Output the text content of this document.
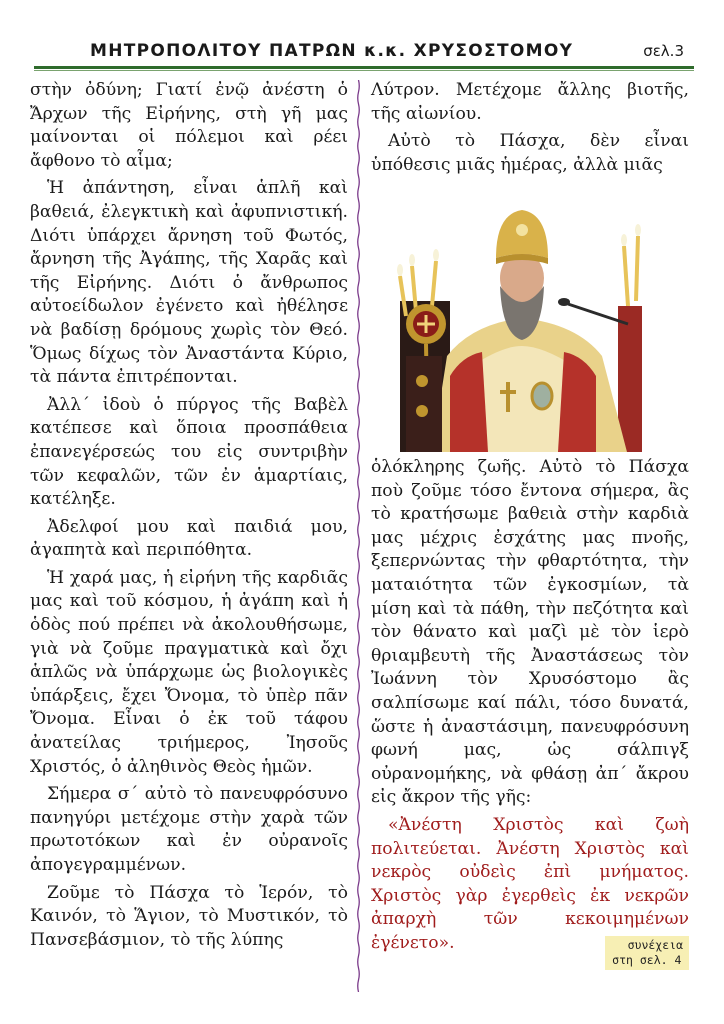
ΜΗΤΡΟΠΟΛΙΤΟΥ ΠΑΤΡΩΝ κ.κ. ΧΡΥΣΟΣΤΟΜΟΥ	σελ.3

στὴν ὀδύνη; Γιατί ἐνῷ ἀνέστη ὁ Ἄρχων τῆς Εἰρήνης, στὴ γῆ μας μαίνονται οἱ πόλεμοι καὶ ρέει ἄφθονο τὸ αἷμα;

Ἡ ἀπάντηση, εἶναι ἁπλῆ καὶ βαθειά, ἐλεγκτικὴ καὶ ἀφυπνιστική. Διότι ὑπάρχει ἄρνηση τοῦ Φωτός, ἄρνηση τῆς Ἀγάπης, τῆς Χαρᾶς καὶ τῆς Εἰρήνης. Διότι ὁ ἄνθρωπος αὐτοείδωλον ἐγένετο καὶ ἠθέλησε νὰ βαδίσῃ δρόμους χωρὶς τὸν Θεό. Ὅμως δίχως τὸν Ἀναστάντα Κύριο, τὰ πάντα ἐπιτρέπονται.

Ἀλλ΄ ἰδοὺ ὁ πύργος τῆς Βαβὲλ κατέπεσε καὶ ὅποια προσπάθεια ἐπανεγέρσεώς του εἰς συντριβὴν τῶν κεφαλῶν, τῶν ἐν ἁμαρτίαις, κατέληξε.

Ἀδελφοί μου καὶ παιδιά μου, ἀγαπητὰ καὶ περιπόθητα.

Ἡ χαρά μας, ἡ εἰρήνη τῆς καρδιᾶς μας καὶ τοῦ κόσμου, ἡ ἀγάπη καὶ ἡ ὁδὸς πού πρέπει νὰ ἀκολουθήσωμε, γιὰ νὰ ζοῦμε πραγματικὰ καὶ ὄχι ἁπλῶς νὰ ὑπάρχωμε ὡς βιολογικὲς ὑπάρξεις, ἔχει Ὄνομα, τὸ ὑπὲρ πᾶν Ὄνομα. Εἶναι ὁ ἐκ τοῦ τάφου ἀνατείλας τριήμερος, Ἰησοῦς Χριστός, ὁ ἀληθινὸς Θεὸς ἡμῶν.

Σήμερα σ΄ αὐτὸ τὸ πανευφρόσυνο πανηγύρι μετέχομε στὴν χαρὰ τῶν πρωτοτόκων καὶ ἐν οὐρανοῖς ἀπογεγραμμένων.

Ζοῦμε τὸ Πάσχα τὸ Ἱερόν, τὸ Καινόν, τὸ Ἅγιον, τὸ Μυστικόν, τὸ Πανσεβάσμιον, τὸ τῆς λύπης

Λύτρον. Μετέχομε ἄλλης βιοτῆς, τῆς αἰωνίου.

Αὐτὸ τὸ Πάσχα, δὲν εἶναι ὑπόθεσις μιᾶς ἡμέρας, ἀλλὰ μιᾶς

ὁλόκληρης ζωῆς. Αὐτὸ τὸ Πάσχα ποὺ ζοῦμε τόσο ἔντονα σήμερα, ἃς τὸ κρατήσωμε βαθειὰ στὴν καρδιὰ μας μέχρις ἐσχάτης μας πνοῆς, ξεπερνώντας τὴν φθαρτότητα, τὴν ματαιότητα τῶν ἐγκοσμίων, τὰ μίση καὶ τὰ πάθη, τὴν πεζότητα καὶ τὸν θάνατο καὶ μαζὶ μὲ τὸν ἱερὸ θριαμβευτὴ τῆς Ἀναστάσεως τὸν Ἰωάννη τὸν Χρυσόστομο ἂς σαλπίσωμε καί πάλι, τόσο δυνατά, ὥστε ἡ ἀναστάσιμη, πανευφρόσυνη φωνή μας, ὡς σάλπιγξ οὐρανομήκης, νὰ φθάσῃ ἀπ΄ ἄκρου εἰς ἄκρον τῆς γῆς:

«Ἀνέστη Χριστὸς καὶ ζωὴ πολιτεύεται. Ἀνέστη Χριστὸς καὶ νεκρὸς οὐδεὶς ἐπὶ μνήματος. Χριστὸς γὰρ ἐγερθεὶς ἐκ νεκρῶν ἀπαρχὴ τῶν κεκοιμημένων ἐγένετο».	συνέχεια
στη σελ. 4
